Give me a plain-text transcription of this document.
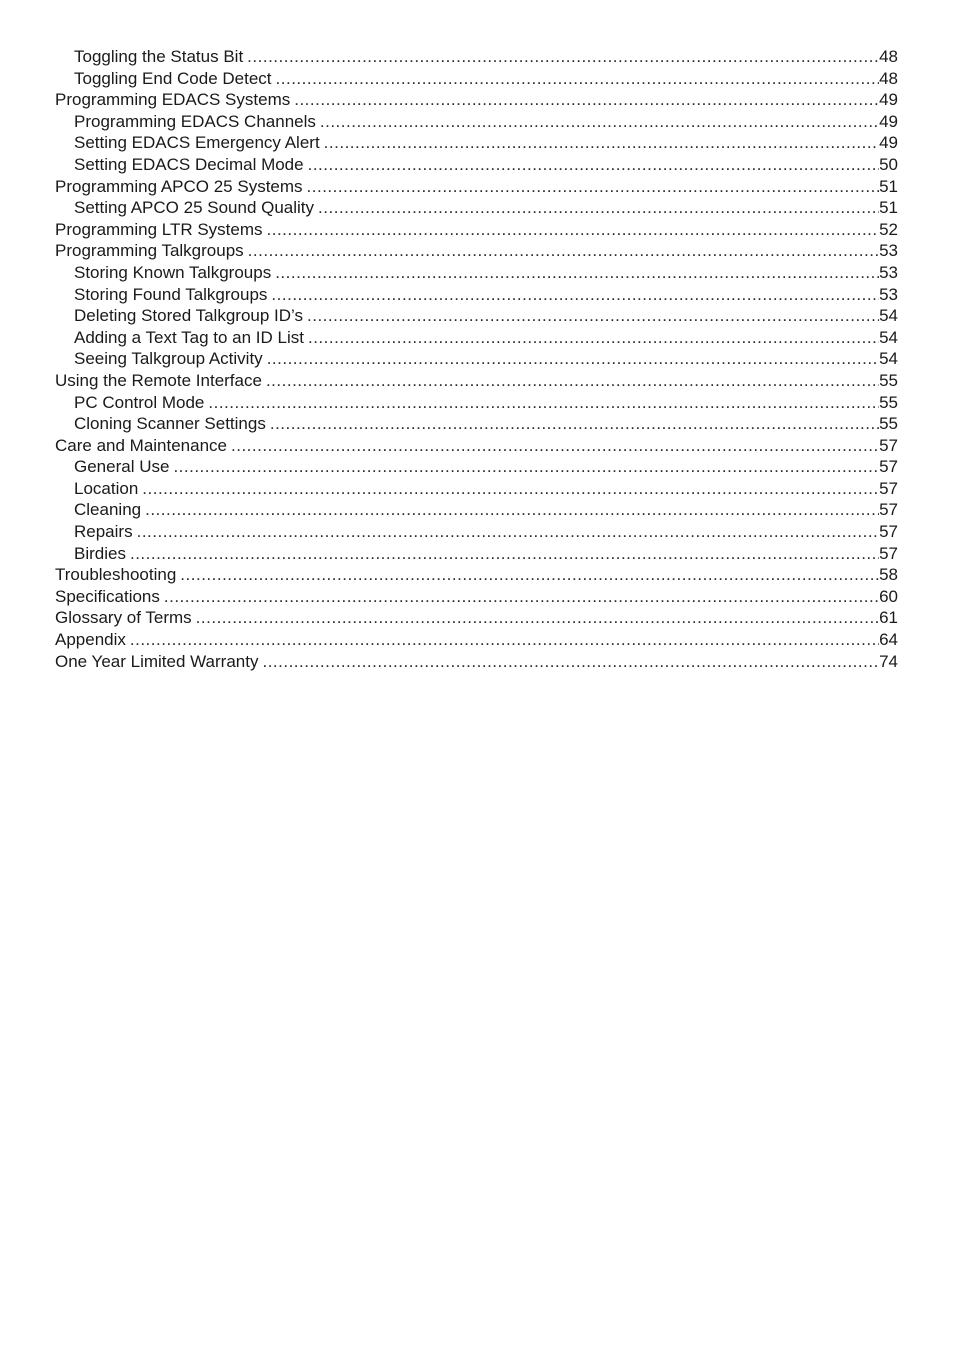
Toggling the Status Bit .....	48
Toggling End Code Detect .....	48
Programming EDACS Systems .....	49
Programming EDACS Channels .....	49
Setting EDACS Emergency Alert .....	49
Setting EDACS Decimal Mode .....	50
Programming APCO 25 Systems .....	51
Setting APCO 25 Sound Quality .....	51
Programming LTR Systems .....	52
Programming Talkgroups .....	53
Storing Known Talkgroups .....	53
Storing Found Talkgroups .....	53
Deleting Stored Talkgroup ID’s .....	54
Adding a Text Tag to an ID List .....	54
Seeing Talkgroup Activity .....	54
Using the Remote Interface .....	55
PC Control Mode .....	55
Cloning Scanner Settings .....	55
Care and Maintenance .....	57
General Use .....	57
Location .....	57
Cleaning .....	57
Repairs .....	57
Birdies .....	57
Troubleshooting .....	58
Specifications .....	60
Glossary of Terms .....	61
Appendix .....	64
One Year Limited Warranty .....	74
